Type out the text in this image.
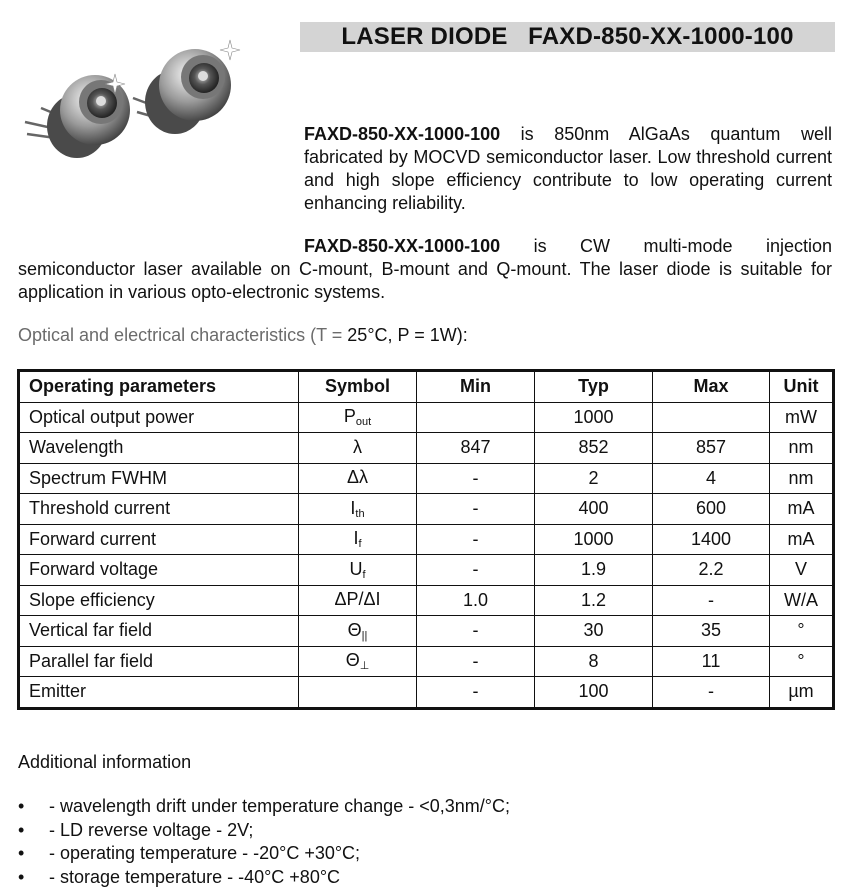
LASER DIODE   FAXD-850-XX-1000-100
FAXD-850-XX-1000-100 is 850nm AlGaAs quantum well fabricated by MOCVD semiconductor laser. Low threshold current and high slope efficiency contribute to low operating current enhancing reliability.
FAXD-850-XX-1000-100 is CW multi-mode injection semiconductor laser available on C-mount, B-mount and Q-mount. The laser diode is suitable for application in various opto-electronic systems.
Optical and electrical characteristics (T = 25°C, P = 1W):
Operating parameters	Symbol	Min	Typ	Max	Unit
Optical output power	$P_{out}$		1000		mW
Wavelength	λ	847	852	857	nm
Spectrum FWHM	Δλ	-	2	4	nm
Threshold current	$I_{th}$	-	400	600	mA
Forward current	$I_f$	-	1000	1400	mA
Forward voltage	$U_f$	-	1.9	2.2	V
Slope efficiency	ΔP/ΔI	1.0	1.2	-	W/A
Vertical far field	$\Theta_{||}$	-	30	35	°
Parallel far field	$\Theta_\perp$	-	8	11	°
Emitter		-	100	-	µm
Additional information
• - wavelength drift under temperature change - <0,3nm/°C;
• - LD reverse voltage - 2V;
• - operating temperature - -20°C +30°C;
• - storage temperature - -40°C +80°C
